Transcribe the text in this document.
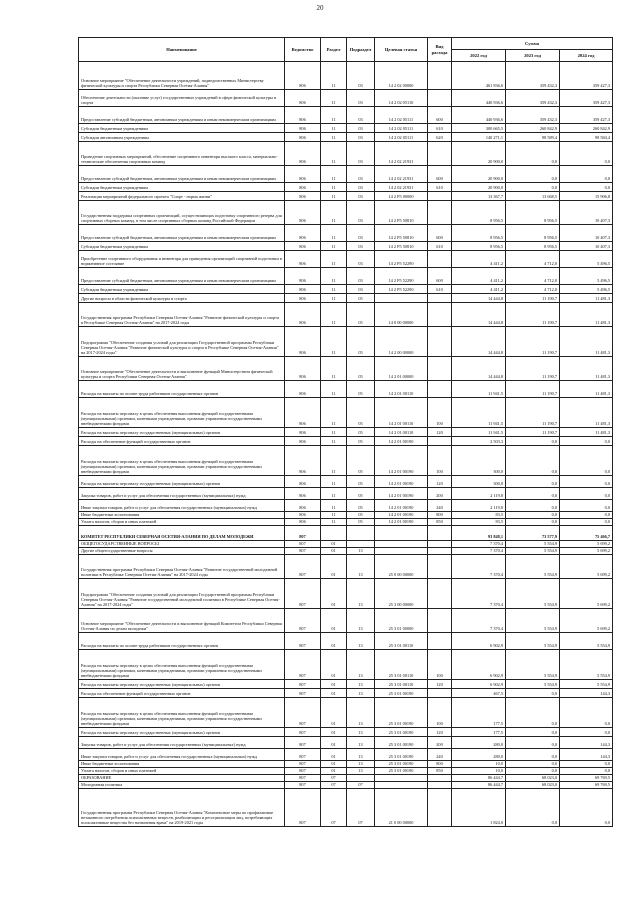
20
Наименование	Ведомство	Раздел	Подраздел	Целевая статья	Вид расхода	Сумма		
						2022 год	2023 год	2024 год
Основное мероприятие "Обеспечение деятельности учреждений, подведомственных Министерству физической культуры и спорта Республики Северная Осетия-Алания"	806	11	03	14 2 02 00000		461 836,6	359 432,3	359 427,3
Обеспечение деятельности (оказание услуг) государственных учреждений в сфере физической культуры и спорта	806	11	03	14 2 02 05110		440 936,6	359 432,3	359 427,3
Предоставление субсидий бюджетным, автономным учреждениям и иным некоммерческим организациям	806	11	03	14 2 02 05111	600	440 936,6	359 432,3	359 427,3
Субсидии бюджетным учреждениям	806	11	03	14 2 02 05111	610	300 665,5	260 842,9	260 842,9
Субсидии автономным учреждениям	806	11	03	14 2 02 05111	620	140 271,1	98 589,4	98 584,4
Проведение спортивных мероприятий, обеспечение спортивного инвентаря высокого класса, материально-технические обеспечения спортивных команд	806	11	03	14 2 02 21931		20 900,0	0,0	0,0
Предоставление субсидий бюджетным, автономным учреждениям и иным некоммерческим организациям	806	11	03	14 2 02 21931	600	20 900,0	0,0	0,0
Субсидии бюджетным учреждениям	806	11	03	14 2 02 21931	610	20 900,0	0,0	0,0
Реализация мероприятий федерального проекта "Спорт - норма жизни"	806	11	03	14 2 P5 00000		13 367,7	13 668,5	15 906,8
Государственная поддержка спортивных организаций, осуществляющих подготовку спортивного резерва для спортивных сборных команд, в том числе спортивных сборных команд Российской Федерации	806	11	03	14 2 P5 50810		8 956,5	8 956,5	10 407,3
Предоставление субсидий бюджетным, автономным учреждениям и иным некоммерческим организациям	806	11	03	14 2 P5 50810	600	8 956,5	8 956,5	10 407,3
Субсидии бюджетным учреждениям	806	11	03	14 2 P5 50810	610	8 956,5	8 956,5	10 407,3
Приобретение спортивного оборудования и инвентаря для приведения организаций спортивной подготовки в нормативное состояние	806	11	03	14 2 P5 52290		4 411,2	4 712,0	5 496,5
Предоставление субсидий бюджетным, автономным учреждениям и иным некоммерческим организациям	806	11	03	14 2 P5 52290	600	4 411,2	4 712,0	5 496,5
Субсидии бюджетным учреждениям	806	11	03	14 2 P5 52290	610	4 411,2	4 712,0	5 496,5
Другие вопросы в области физической культуры и спорта	806	11	05			14 444,8	11 190,7	11 481,3
Государственная программа Республики Северная Осетия-Алания "Развитие физической культуры и спорта в Республике Северная Осетия-Алания" на 2017-2024 годы	806	11	05	14 0 00 00000		14 444,8	11 190,7	11 481,3
Подпрограмма "Обеспечение создания условий для реализации Государственной программы Республики Северная Осетия-Алания "Развитие физической культуры и спорта в Республике Северная Осетия-Алания" на 2017-2024 годы"	806	11	05	14 2 00 00000		14 444,8	11 190,7	11 481,3
Основное мероприятие "Обеспечение деятельности и выполнение функций Министерством физической культуры и спорта Республики Северная Осетия-Алания"	806	11	05	14 2 01 00000		14 444,8	11 190,7	11 481,3
Расходы на выплаты по оплате труда работников государственных органов	806	11	05	14 2 01 00110		11 941,5	11 190,7	11 481,3
Расходы на выплаты персоналу в целях обеспечения выполнения функций государственными (муниципальными) органами, казенными учреждениями, органами управления государственными внебюджетными фондами	806	11	05	14 2 01 00110	100	11 941,5	11 190,7	11 481,3
Расходы на выплаты персоналу государственных (муниципальных) органов	806	11	05	14 2 01 00110	120	11 941,5	11 190,7	11 481,3
Расходы на обеспечение функций государственных органов	806	11	05	14 2 01 00190		2 503,3	0,0	0,0
Расходы на выплаты персоналу в целях обеспечения выполнения функций государственными (муниципальными) органами, казенными учреждениями, органами управления государственными внебюджетными фондами	806	11	05	14 2 01 00190	100	300,0	0,0	0,0
Расходы на выплаты персоналу государственных (муниципальных) органов	806	11	05	14 2 01 00190	120	300,0	0,0	0,0
Закупка товаров, работ и услуг для обеспечения государственных (муниципальных) нужд	806	11	05	14 2 01 00190	200	2 119,8	0,0	0,0
Иные закупки товаров, работ и услуг для обеспечения государственных (муниципальных) нужд	806	11	05	14 2 01 00190	240	2 119,8	0,0	0,0
Иные бюджетные ассигнования	806	11	05	14 2 01 00190	800	83,5	0,0	0,0
Уплата налогов, сборов и иных платежей	806	11	05	14 2 01 00190	850	83,5	0,0	0,0
КОМИТЕТ РЕСПУБЛИКИ СЕВЕРНАЯ ОСЕТИЯ-АЛАНИЯ ПО ДЕЛАМ МОЛОДЕЖИ	807					93 848,1	73 577,9	75 466,7
ОБЩЕГОСУДАРСТВЕННЫЕ ВОПРОСЫ	807	01				7 370,4	5 554,9	5 699,2
Другие общегосударственные вопросы	807	01	13			7 370,4	5 554,9	5 699,2
Государственная программа Республики Северная Осетия-Алания "Развитие государственной молодежной политики в Республике Северная Осетия-Алания" на 2017-2024 годы	807	01	13	25 0 00 00000		7 370,4	5 554,9	5 699,2
Подпрограмма "Обеспечение создания условий для реализации Государственной программы Республики Северная Осетия-Алания "Развитие государственной молодежной политики в Республике Северная Осетия-Алания" на 2017-2024 годы"	807	01	13	25 3 00 00000		7 370,4	5 554,9	5 699,2
Основное мероприятие "Обеспечение деятельности и выполнение функций Комитетом Республики Северная Осетия-Алания по делам молодежи"	807	01	13	25 3 01 00000		7 370,4	5 554,9	5 699,2
Расходы на выплаты по оплате труда работников государственных органов	807	01	13	25 3 01 00110		6 902,9	5 554,9	5 554,9
Расходы на выплаты персоналу в целях обеспечения выполнения функций государственными (муниципальными) органами, казенными учреждениями, органами управления государственными внебюджетными фондами	807	01	13	25 3 01 00110	100	6 902,9	5 554,9	5 554,9
Расходы на выплаты персоналу государственных (муниципальных) органов	807	01	13	25 3 01 00110	120	6 902,9	5 554,9	5 554,9
Расходы на обеспечение функций государственных органов	807	01	13	25 3 01 00190		467,5	0,0	144,3
Расходы на выплаты персоналу в целях обеспечения выполнения функций государственными (муниципальными) органами, казенными учреждениями, органами управления государственными внебюджетными фондами	807	01	13	25 3 01 00190	100	177,5	0,0	0,0
Расходы на выплаты персоналу государственных (муниципальных) органов	807	01	13	25 3 01 00190	120	177,5	0,0	0,0
Закупка товаров, работ и услуг для обеспечения государственных (муниципальных) нужд	807	01	13	25 3 01 00190	200	280,0	0,0	144,3
Иные закупки товаров, работ и услуг для обеспечения государственных (муниципальных) нужд	807	01	13	25 3 01 00190	240	280,0	0,0	144,3
Иные бюджетные ассигнования	807	01	13	25 3 01 00190	800	10,0	0,0	0,0
Уплата налогов, сборов и иных платежей	807	01	13	25 3 01 00190	850	10,0	0,0	0,0
ОБРАЗОВАНИЕ	807	07				86 444,7	68 023,0	69 769,5
Молодежная политика	807	07	07			86 444,7	68 023,0	69 769,5
Государственная программа Республики Северная Осетия-Алания "Комплексные меры по профилактике незаконного потребления психоактивных веществ, реабилитации и ресоциализации лиц, потребляющих психоактивные вещества без назначения врача" на 2019-2021 годы	807	07	07	21 0 00 00000		1 824,0	0,0	0,0
